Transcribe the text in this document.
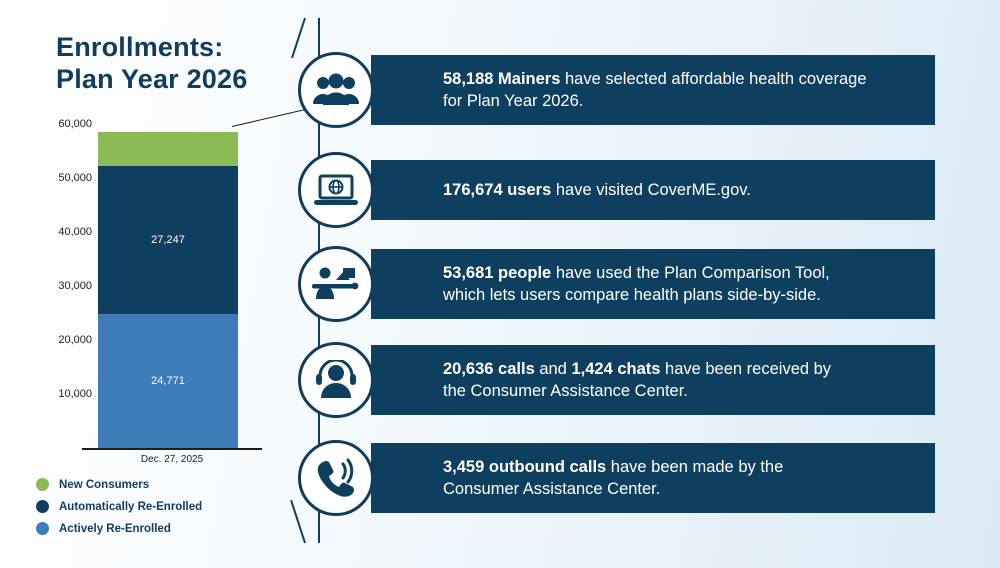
Enrollments:
Plan Year 2026
60,000
50,000
40,000
30,000
20,000
10,000
27,247
24,771
Dec. 27, 2025
New Consumers
Automatically Re-Enrolled
Actively Re-Enrolled
58,188 Mainers have selected affordable health coverage
for Plan Year 2026.
176,674 users have visited CoverME.gov.
53,681 people have used the Plan Comparison Tool,
which lets users compare health plans side-by-side.
20,636 calls and 1,424 chats have been received by
the Consumer Assistance Center.
3,459 outbound calls have been made by the
Consumer Assistance Center.
